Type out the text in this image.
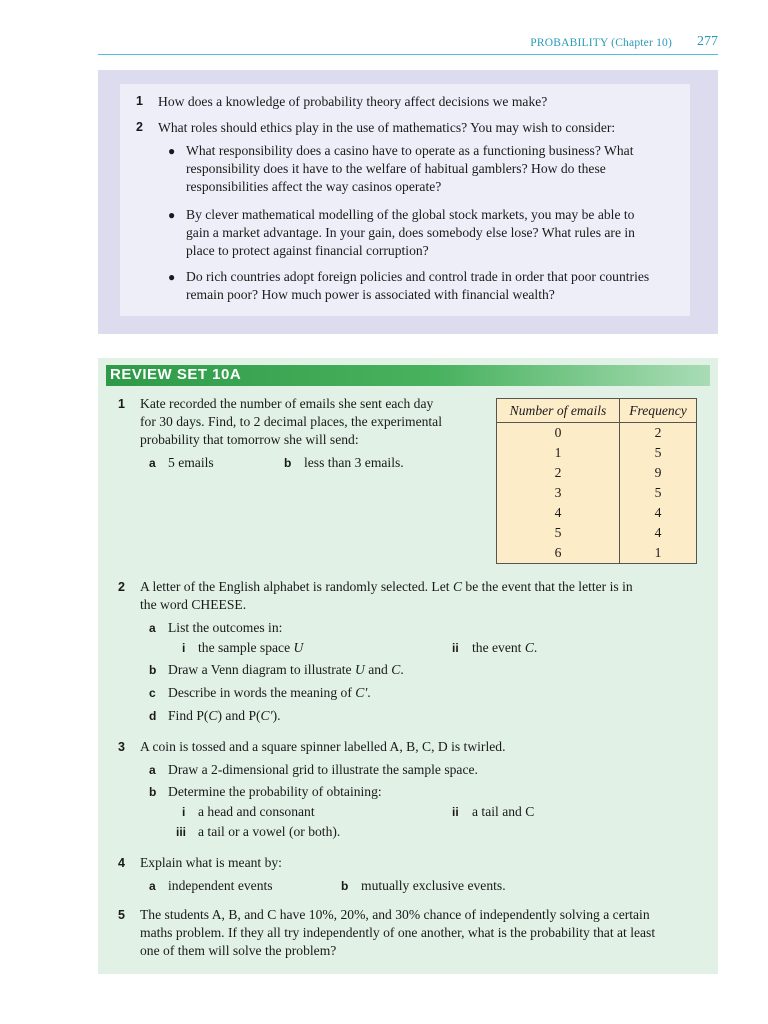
PROBABILITY (Chapter 10) 277
1 How does a knowledge of probability theory affect decisions we make?
2 What roles should ethics play in the use of mathematics? You may wish to consider:
● What responsibility does a casino have to operate as a functioning business? What
responsibility does it have to the welfare of habitual gamblers? How do these
responsibilities affect the way casinos operate?
● By clever mathematical modelling of the global stock markets, you may be able to
gain a market advantage. In your gain, does somebody else lose? What rules are in
place to protect against financial corruption?
● Do rich countries adopt foreign policies and control trade in order that poor countries
remain poor? How much power is associated with financial wealth?
REVIEW SET 10A
1 Kate recorded the number of emails she sent each day
for 30 days. Find, to 2 decimal places, the experimental
probability that tomorrow she will send:
a 5 emails	b less than 3 emails.
Number of emails	Frequency
0	2
1	5
2	9
3	5
4	4
5	4
6	1
2 A letter of the English alphabet is randomly selected. Let C be the event that the letter is in
the word CHEESE.
a List the outcomes in:
i the sample space U	ii the event C.
b Draw a Venn diagram to illustrate U and C.
c Describe in words the meaning of C′.
d Find P(C) and P(C′).
3 A coin is tossed and a square spinner labelled A, B, C, D is twirled.
a Draw a 2-dimensional grid to illustrate the sample space.
b Determine the probability of obtaining:
i a head and consonant	ii a tail and C
iii a tail or a vowel (or both).
4 Explain what is meant by:
a independent events	b mutually exclusive events.
5 The students A, B, and C have 10%, 20%, and 30% chance of independently solving a certain
maths problem. If they all try independently of one another, what is the probability that at least
one of them will solve the problem?
